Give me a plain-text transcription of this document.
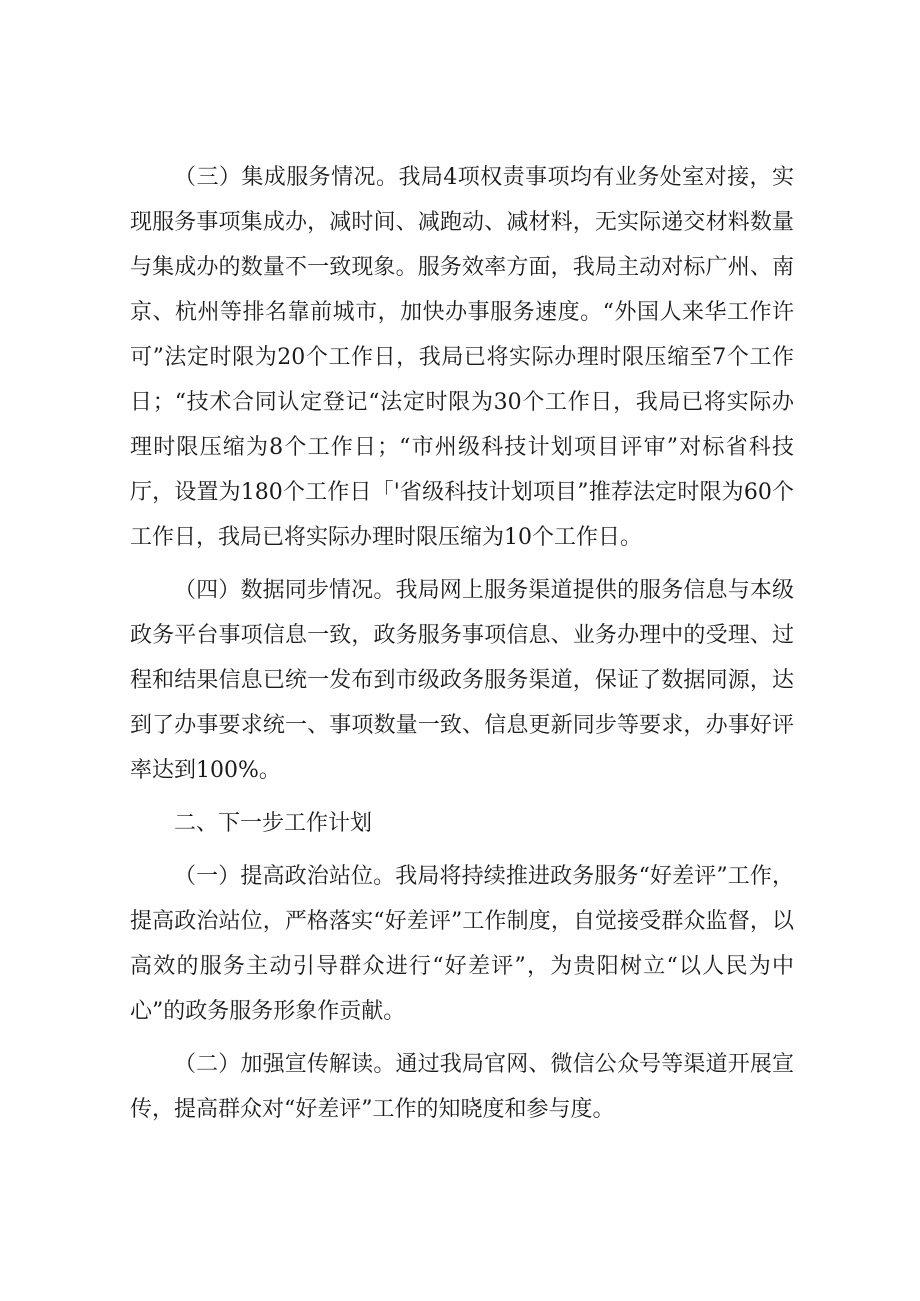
（三）集成服务情况。我局4项权责事项均有业务处室对接，实现服务事项集成办，减时间、减跑动、减材料，无实际递交材料数量与集成办的数量不一致现象。服务效率方面，我局主动对标广州、南京、杭州等排名靠前城市，加快办事服务速度。“外国人来华工作许可”法定时限为20个工作日，我局已将实际办理时限压缩至7个工作日；“技术合同认定登记“法定时限为30个工作日，我局已将实际办理时限压缩为8个工作日；“市州级科技计划项目评审”对标省科技厅，设置为180个工作日「'省级科技计划项目”推荐法定时限为60个工作日，我局已将实际办理时限压缩为10个工作日。

（四）数据同步情况。我局网上服务渠道提供的服务信息与本级政务平台事项信息一致，政务服务事项信息、业务办理中的受理、过程和结果信息已统一发布到市级政务服务渠道，保证了数据同源，达到了办事要求统一、事项数量一致、信息更新同步等要求，办事好评率达到100%。

二、下一步工作计划

（一）提高政治站位。我局将持续推进政务服务“好差评”工作，提高政治站位，严格落实“好差评”工作制度，自觉接受群众监督，以高效的服务主动引导群众进行“好差评”，为贵阳树立“以人民为中心”的政务服务形象作贡献。

（二）加强宣传解读。通过我局官网、微信公众号等渠道开展宣传，提高群众对“好差评”工作的知晓度和参与度。
